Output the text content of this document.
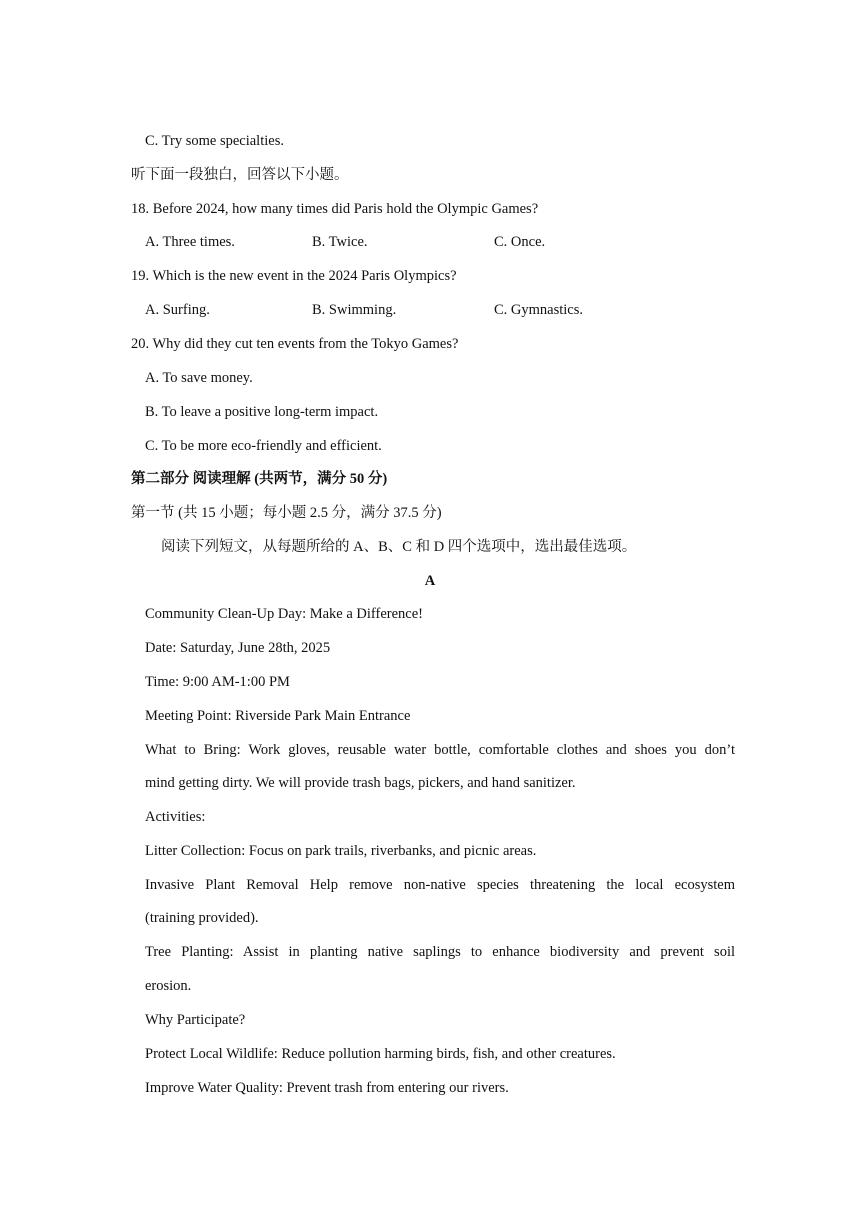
C. Try some specialties.
听下面一段独白，回答以下小题。
18. Before 2024, how many times did Paris hold the Olympic Games?
A. Three times.	B. Twice.	C. Once.
19. Which is the new event in the 2024 Paris Olympics?
A. Surfing.	B. Swimming.	C. Gymnastics.
20. Why did they cut ten events from the Tokyo Games?
A. To save money.
B. To leave a positive long-term impact.
C. To be more eco-friendly and efficient.
第二部分 阅读理解 (共两节，满分 50 分)
第一节 (共 15 小题；每小题 2.5 分，满分 37.5 分)
阅读下列短文，从每题所给的 A、B、C 和 D 四个选项中，选出最佳选项。
A
Community Clean-Up Day: Make a Difference!
Date: Saturday, June 28th, 2025
Time: 9:00 AM-1:00 PM
Meeting Point: Riverside Park Main Entrance
What to Bring: Work gloves, reusable water bottle, comfortable clothes and shoes you don’t
mind getting dirty. We will provide trash bags, pickers, and hand sanitizer.
Activities:
Litter Collection: Focus on park trails, riverbanks, and picnic areas.
Invasive Plant Removal Help remove non-native species threatening the local ecosystem
(training provided).
Tree Planting: Assist in planting native saplings to enhance biodiversity and prevent soil
erosion.
Why Participate?
Protect Local Wildlife: Reduce pollution harming birds, fish, and other creatures.
Improve Water Quality: Prevent trash from entering our rivers.
